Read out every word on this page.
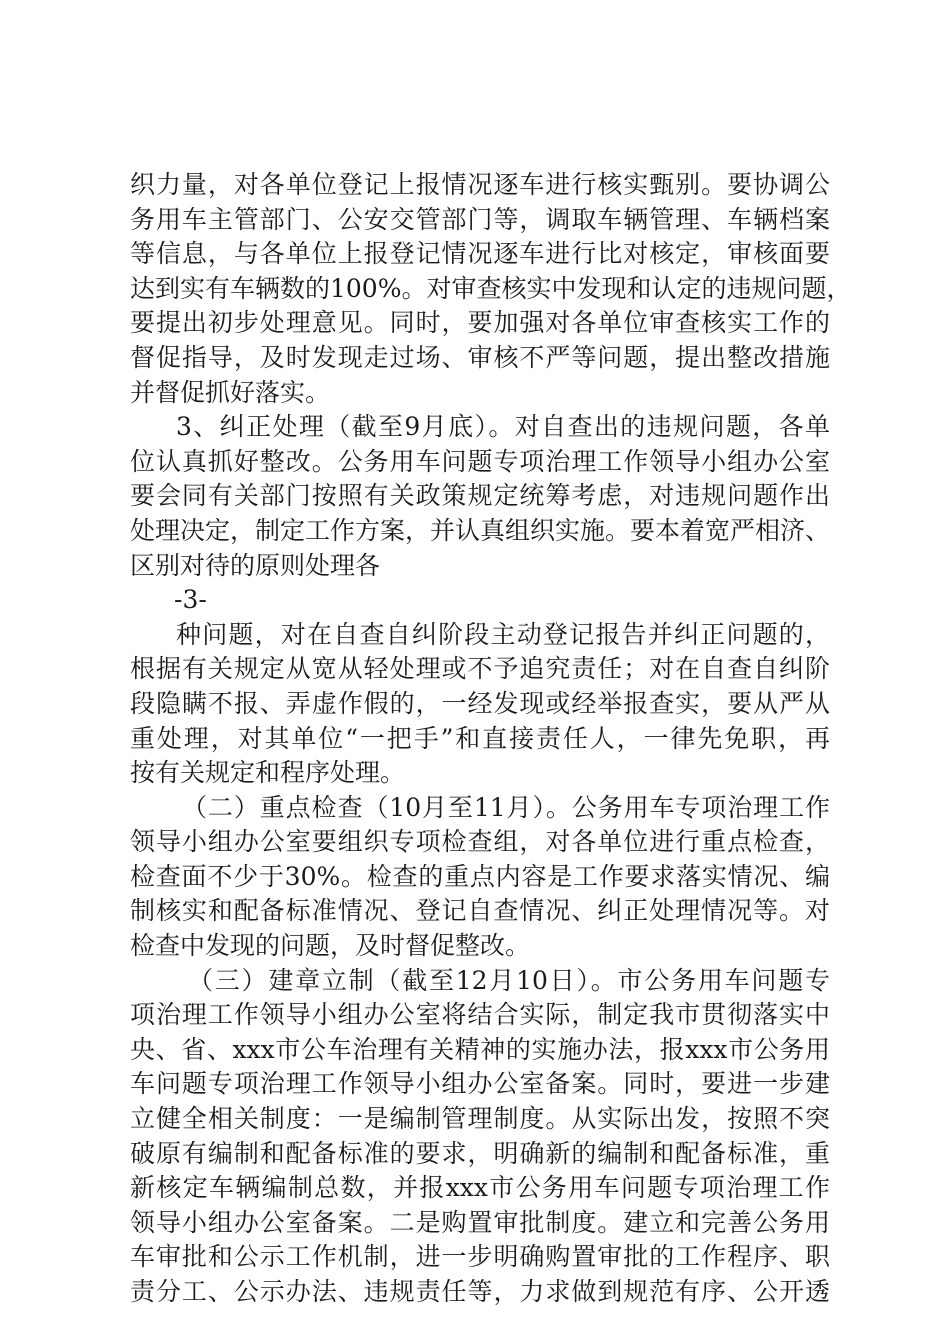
织力量，对各单位登记上报情况逐车进行核实甄别。要协调公
务用车主管部门、公安交管部门等，调取车辆管理、车辆档案
等信息，与各单位上报登记情况逐车进行比对核定，审核面要
达到实有车辆数的100%。对审查核实中发现和认定的违规问题，
要提出初步处理意见。同时，要加强对各单位审查核实工作的
督促指导，及时发现走过场、审核不严等问题，提出整改措施
并督促抓好落实。
3、纠正处理（截至9月底）。对自查出的违规问题，各单
位认真抓好整改。公务用车问题专项治理工作领导小组办公室
要会同有关部门按照有关政策规定统筹考虑，对违规问题作出
处理决定，制定工作方案，并认真组织实施。要本着宽严相济、
区别对待的原则处理各
-3-
种问题，对在自查自纠阶段主动登记报告并纠正问题的，
根据有关规定从宽从轻处理或不予追究责任；对在自查自纠阶
段隐瞒不报、弄虚作假的，一经发现或经举报查实，要从严从
重处理，对其单位“一把手”和直接责任人，一律先免职，再
按有关规定和程序处理。
（二）重点检查（10月至11月）。公务用车专项治理工作
领导小组办公室要组织专项检查组，对各单位进行重点检查，
检查面不少于30%。检查的重点内容是工作要求落实情况、编
制核实和配备标准情况、登记自查情况、纠正处理情况等。对
检查中发现的问题，及时督促整改。
（三）建章立制（截至12月10日）。市公务用车问题专
项治理工作领导小组办公室将结合实际，制定我市贯彻落实中
央、省、xxx市公车治理有关精神的实施办法，报xxx市公务用
车问题专项治理工作领导小组办公室备案。同时，要进一步建
立健全相关制度：一是编制管理制度。从实际出发，按照不突
破原有编制和配备标准的要求，明确新的编制和配备标准，重
新核定车辆编制总数，并报xxx市公务用车问题专项治理工作
领导小组办公室备案。二是购置审批制度。建立和完善公务用
车审批和公示工作机制，进一步明确购置审批的工作程序、职
责分工、公示办法、违规责任等，力求做到规范有序、公开透
